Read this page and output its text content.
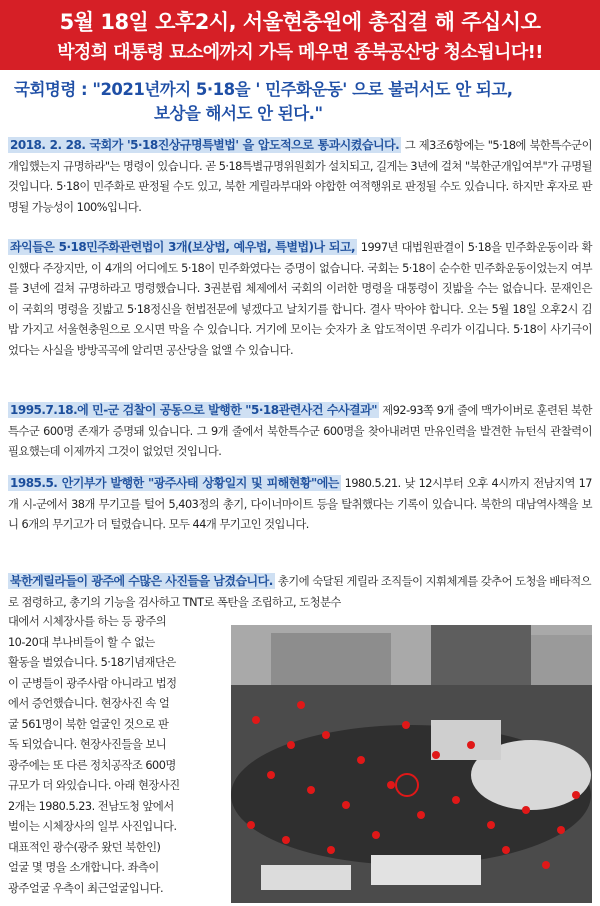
5월 18일 오후2시, 서울현충원에 총집결 해 주십시오
박정희 대통령 묘소에까지 가득 메우면 종북공산당 청소됩니다!!
국회명령 : "2021년까지 5·18을 ' 민주화운동' 으로 불러서도 안 되고,
보상을 해서도 안 된다."
2018. 2. 28. 국회가 '5·18진상규명특별법' 을 압도적으로 통과시켰습니다. 그 제3조6항에는 "5·18에 북한특수군이 개입했는지 규명하라"는 명령이 있습니다. 곧 5·18특별규명위원회가 설치되고, 길게는 3년에 걸쳐 "북한군개입여부"가 규명될 것입니다. 5·18이 민주화로 판정될 수도 있고, 북한 게릴라부대와 야합한 여적행위로 판정될 수도 있습니다. 하지만 후자로 판명될 가능성이 100%입니다.
좌익들은 5·18민주화관련법이 3개(보상법, 예우법, 특별법)나 되고, 1997년 대법원판결이 5·18을 민주화운동이라 확인했다 주장지만, 이 4개의 어디에도 5·18이 민주화였다는 증명이 없습니다. 국회는 5·18이 순수한 민주화운동이었는지 여부를 3년에 걸쳐 규명하라고 명령했습니다. 3권분립 체제에서 국회의 이러한 명령을 대통령이 짓밟을 수는 없습니다. 문재인은 이 국회의 명령을 짓밟고 5·18정신을 헌법전문에 넣겠다고 날치기를 합니다. 결사 막아야 합니다. 오는 5월 18일 오후2시 김밥 가지고 서울현충원으로 오시면 막을 수 있습니다. 거기에 모이는 숫자가 초 압도적이면 우리가 이깁니다. 5·18이 사기극이었다는 사실을 방방곡곡에 알리면 공산당을 없앨 수 있습니다.
1995.7.18.에 민-군 검찰이 공동으로 발행한 "5·18관련사건 수사결과" 제92-93쪽 9개 줄에 맥가이버로 훈련된 북한특수군 600명 존재가 증명돼 있습니다. 그 9개 줄에서 북한특수군 600명을 찾아내려면 만유인력을 발견한 뉴턴식 관찰력이 필요했는데 이제까지 그것이 없었던 것입니다.
1985.5. 안기부가 발행한 "광주사태 상황일지 및 피해현황"에는 1980.5.21. 낮 12시부터 오후 4시까지 전남지역 17개 시-군에서 38개 무기고를 털어 5,403정의 총기, 다이너마이트 등을 탈취했다는 기록이 있습니다. 북한의 대남역사책을 보니 6개의 무기고가 더 털렸습니다. 모두 44개 무기고인 것입니다.
북한게릴라들이 광주에 수많은 사진들을 남겼습니다. 총기에 숙달된 게릴라 조직들이 지휘체계를 갖추어 도청을 배타적으로 점령하고, 총기의 기능을 검사하고 TNT로 폭탄을 조립하고, 도청분수
대에서 시체장사를 하는 등 광주의
10-20대 부나비들이 할 수 없는
활동을 벌였습니다. 5·18기념재단은
이 군병들이 광주사람 아니라고 법정
에서 증언했습니다. 현장사진 속 얼
굴 561명이 북한 얼굴인 것으로 판
독 되었습니다. 현장사진들을 보니
광주에는 또 다른 정치공작조 600명
규모가 더 와있습니다. 아래 현장사진
2개는 1980.5.23. 전남도청 앞에서
벌이는 시체장사의 일부 사진입니다.
대표적인 광수(광주 왔던 북한인)
얼굴 몇 명을 소개합니다. 좌측이
광주얼굴 우측이 최근얼굴입니다.
